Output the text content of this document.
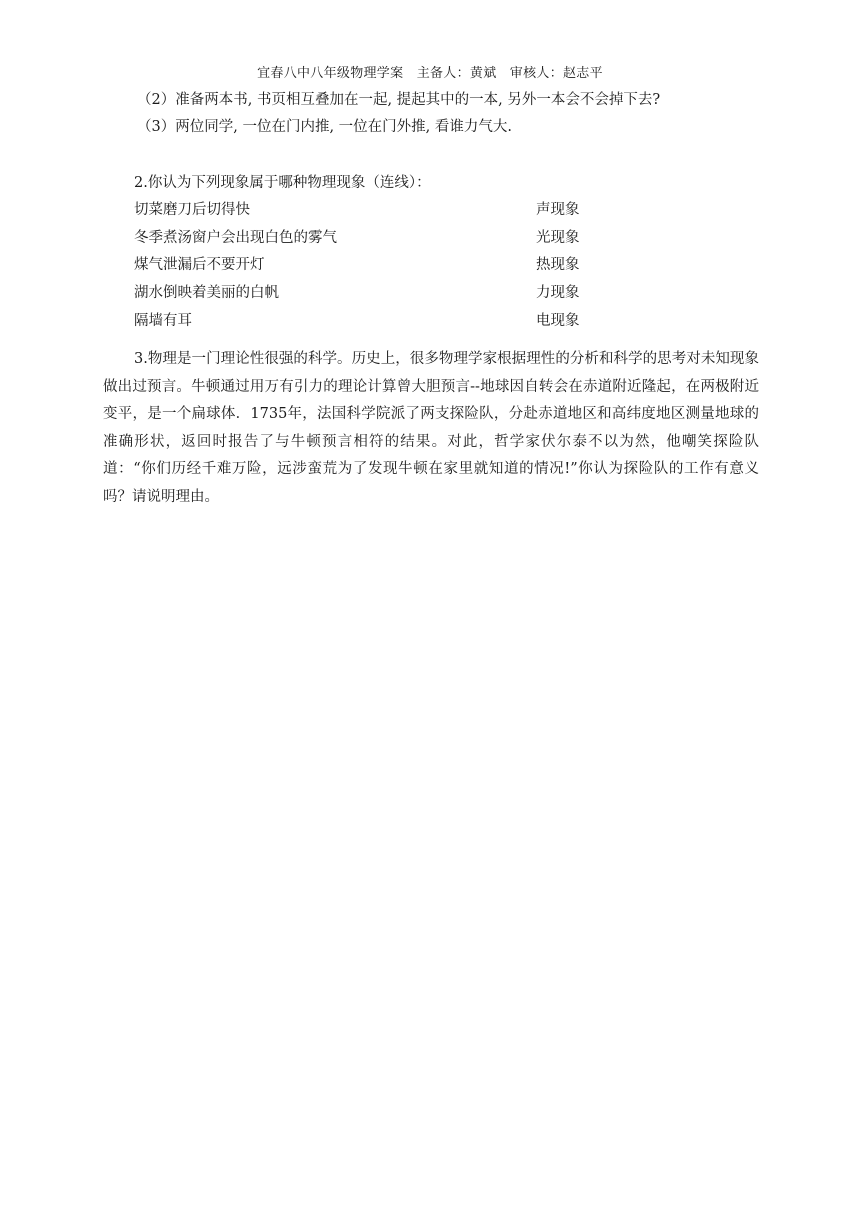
宜春八中八年级物理学案　主备人：黄斌　审核人：赵志平
（2）准备两本书, 书页相互叠加在一起, 提起其中的一本, 另外一本会不会掉下去?
（3）两位同学, 一位在门内推, 一位在门外推, 看谁力气大.
2.你认为下列现象属于哪种物理现象（连线）：
切菜磨刀后切得快
冬季煮汤窗户会出现白色的雾气
煤气泄漏后不要开灯
湖水倒映着美丽的白帆
隔墙有耳
声现象
光现象
热现象
力现象
电现象

3.物理是一门理论性很强的科学。历史上，很多物理学家根据理性的分析和科学的思考对未知现象做出过预言。牛顿通过用万有引力的理论计算曾大胆预言--地球因自转会在赤道附近隆起，在两极附近变平，是一个扁球体．1735年，法国科学院派了两支探险队，分赴赤道地区和高纬度地区测量地球的准确形状，返回时报告了与牛顿预言相符的结果。对此，哲学家伏尔泰不以为然，他嘲笑探险队道：“你们历经千难万险，远涉蛮荒为了发现牛顿在家里就知道的情况!”你认为探险队的工作有意义吗？请说明理由。
